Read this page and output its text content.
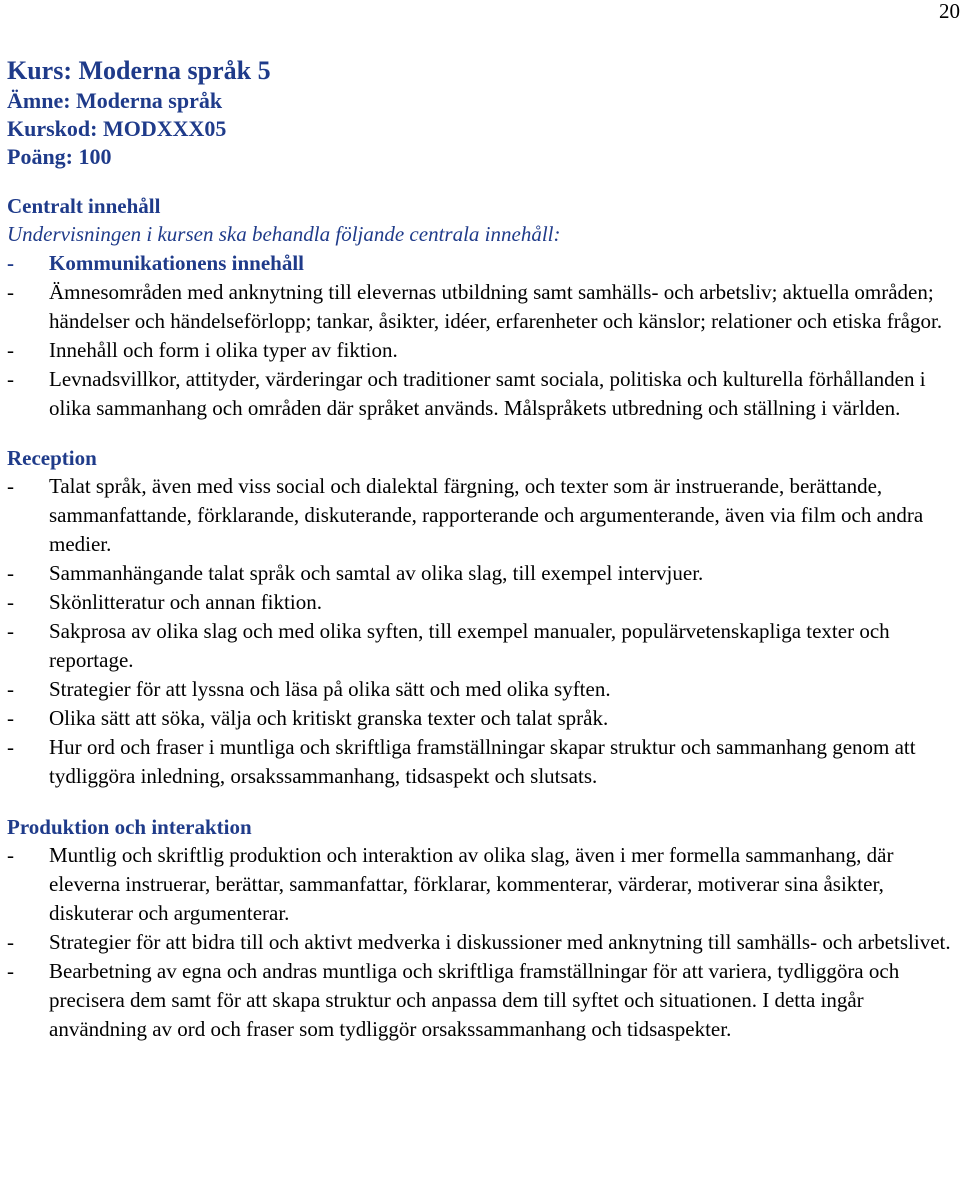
20
Kurs: Moderna språk 5

Ämne: Moderna språk

Kurskod: MODXXX05

Poäng: 100

Centralt innehåll

Undervisningen i kursen ska behandla följande centrala innehåll:

- Kommunikationens innehåll
- Ämnesområden med anknytning till elevernas utbildning samt samhälls- och arbetsliv; aktuella områden; händelser och händelseförlopp; tankar, åsikter, idéer, erfarenheter och känslor; relationer och etiska frågor.
- Innehåll och form i olika typer av fiktion.
- Levnadsvillkor, attityder, värderingar och traditioner samt sociala, politiska och kulturella förhållanden i olika sammanhang och områden där språket används. Målspråkets utbredning och ställning i världen.
Reception
- Talat språk, även med viss social och dialektal färgning, och texter som är instruerande, berättande, sammanfattande, förklarande, diskuterande, rapporterande och argumenterande, även via film och andra medier.
- Sammanhängande talat språk och samtal av olika slag, till exempel intervjuer.
- Skönlitteratur och annan fiktion.
- Sakprosa av olika slag och med olika syften, till exempel manualer, populärvetenskapliga texter och reportage.
- Strategier för att lyssna och läsa på olika sätt och med olika syften.
- Olika sätt att söka, välja och kritiskt granska texter och talat språk.
- Hur ord och fraser i muntliga och skriftliga framställningar skapar struktur och sammanhang genom att tydliggöra inledning, orsakssammanhang, tidsaspekt och slutsats.
Produktion och interaktion
- Muntlig och skriftlig produktion och interaktion av olika slag, även i mer formella sammanhang, där eleverna instruerar, berättar, sammanfattar, förklarar, kommenterar, värderar, motiverar sina åsikter, diskuterar och argumenterar.
- Strategier för att bidra till och aktivt medverka i diskussioner med anknytning till samhälls- och arbetslivet.
- Bearbetning av egna och andras muntliga och skriftliga framställningar för att variera, tydliggöra och precisera dem samt för att skapa struktur och anpassa dem till syftet och situationen. I detta ingår användning av ord och fraser som tydliggör orsakssammanhang och tidsaspekter.
